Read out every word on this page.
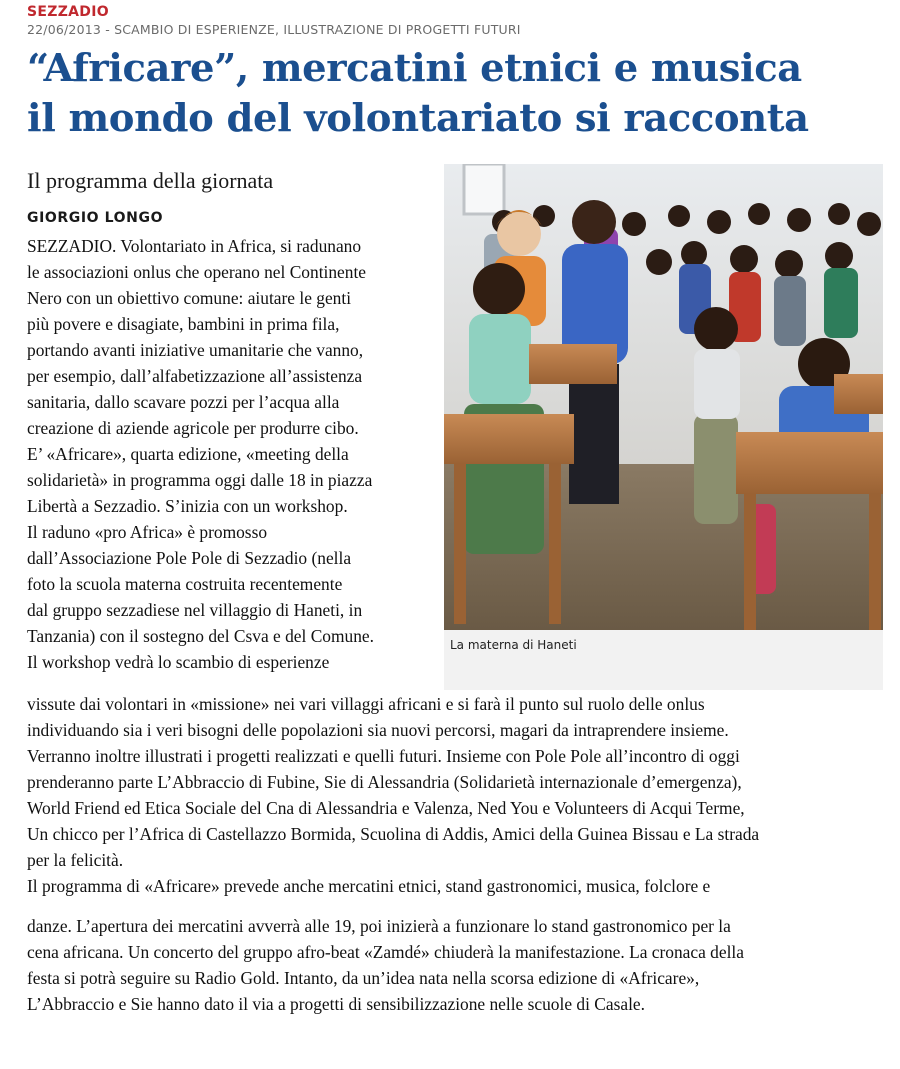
SEZZADIO
22/06/2013 - SCAMBIO DI ESPERIENZE, ILLUSTRAZIONE DI PROGETTI FUTURI
“Africare”, mercatini etnici e musica
il mondo del volontariato si racconta
Il programma della giornata
GIORGIO LONGO
La materna di Haneti
SEZZADIO. Volontariato in Africa, si radunano
le associazioni onlus che operano nel Continente
Nero con un obiettivo comune: aiutare le genti
più povere e disagiate, bambini in prima fila,
portando avanti iniziative umanitarie che vanno,
per esempio, dall’alfabetizzazione all’assistenza
sanitaria, dallo scavare pozzi per l’acqua alla
creazione di aziende agricole per produrre cibo.
E’ «Africare», quarta edizione, «meeting della
solidarietà» in programma oggi dalle 18 in piazza
Libertà a Sezzadio. S’inizia con un workshop.
Il raduno «pro Africa» è promosso
dall’Associazione Pole Pole di Sezzadio (nella
foto la scuola materna costruita recentemente
dal gruppo sezzadiese nel villaggio di Haneti, in
Tanzania) con il sostegno del Csva e del Comune.
Il workshop vedrà lo scambio di esperienze
vissute dai volontari in «missione» nei vari villaggi africani e si farà il punto sul ruolo delle onlus
individuando sia i veri bisogni delle popolazioni sia nuovi percorsi, magari da intraprendere insieme.
Verranno inoltre illustrati i progetti realizzati e quelli futuri. Insieme con Pole Pole all’incontro di oggi
prenderanno parte L’Abbraccio di Fubine, Sie di Alessandria (Solidarietà internazionale d’emergenza),
World Friend ed Etica Sociale del Cna di Alessandria e Valenza, Ned You e Volunteers di Acqui Terme,
Un chicco per l’Africa di Castellazzo Bormida, Scuolina di Addis, Amici della Guinea Bissau e La strada
per la felicità.
Il programma di «Africare» prevede anche mercatini etnici, stand gastronomici, musica, folclore e
danze. L’apertura dei mercatini avverrà alle 19, poi inizierà a funzionare lo stand gastronomico per la
cena africana. Un concerto del gruppo afro-beat «Zamdé» chiuderà la manifestazione. La cronaca della
festa si potrà seguire su Radio Gold. Intanto, da un’idea nata nella scorsa edizione di «Africare»,
L’Abbraccio e Sie hanno dato il via a progetti di sensibilizzazione nelle scuole di Casale.
